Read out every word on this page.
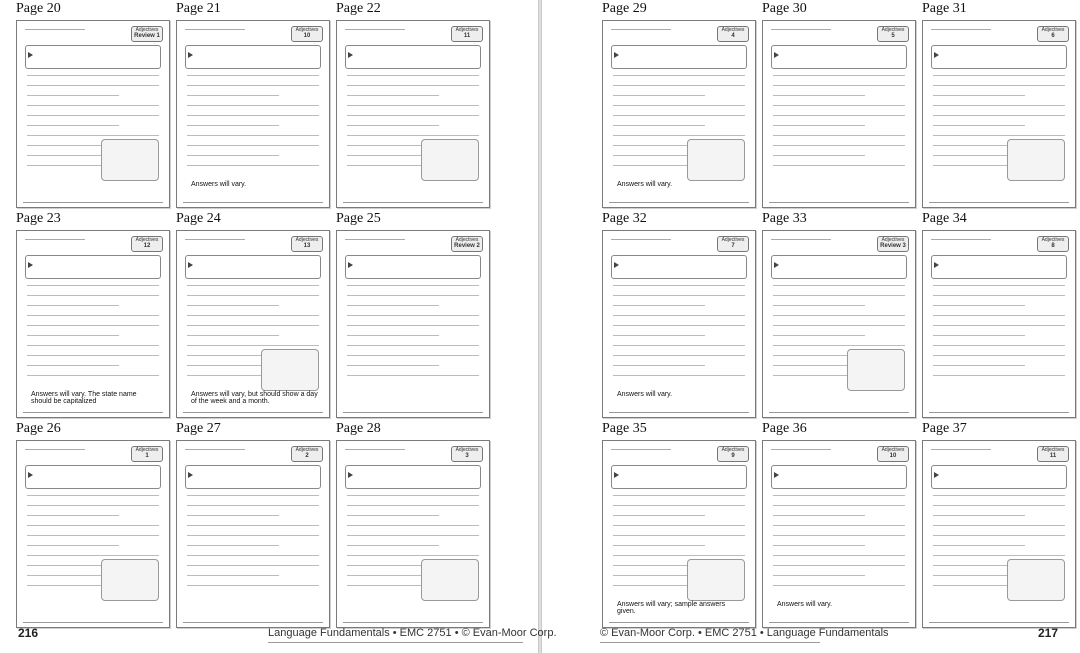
Page 20
Adjectives
Review 1
Page 21
Adjectives
10
Answers will vary.
Page 22
Adjectives
11
Page 23
Adjectives
12
Answers will vary. The state name should be capitalized
Page 24
Adjectives
13
Answers will vary, but should show a day of the week and a month.
Page 25
Adjectives
Review 2
Page 26
Adjectives
1
Page 27
Adjectives
2
Page 28
Adjectives
3
Page 29
Adjectives
4
Answers will vary.
Page 30
Adjectives
5
Page 31
Adjectives
6
Page 32
Adjectives
7
Answers will vary.
Page 33
Adjectives
Review 3
Page 34
Adjectives
8
Page 35
Adjectives
9
Answers will vary; sample answers given.
Page 36
Adjectives
10
Answers will vary.
Page 37
Adjectives
11
216	Language Fundamentals • EMC 2751 • © Evan-Moor Corp.	© Evan-Moor Corp. • EMC 2751 • Language Fundamentals	217
